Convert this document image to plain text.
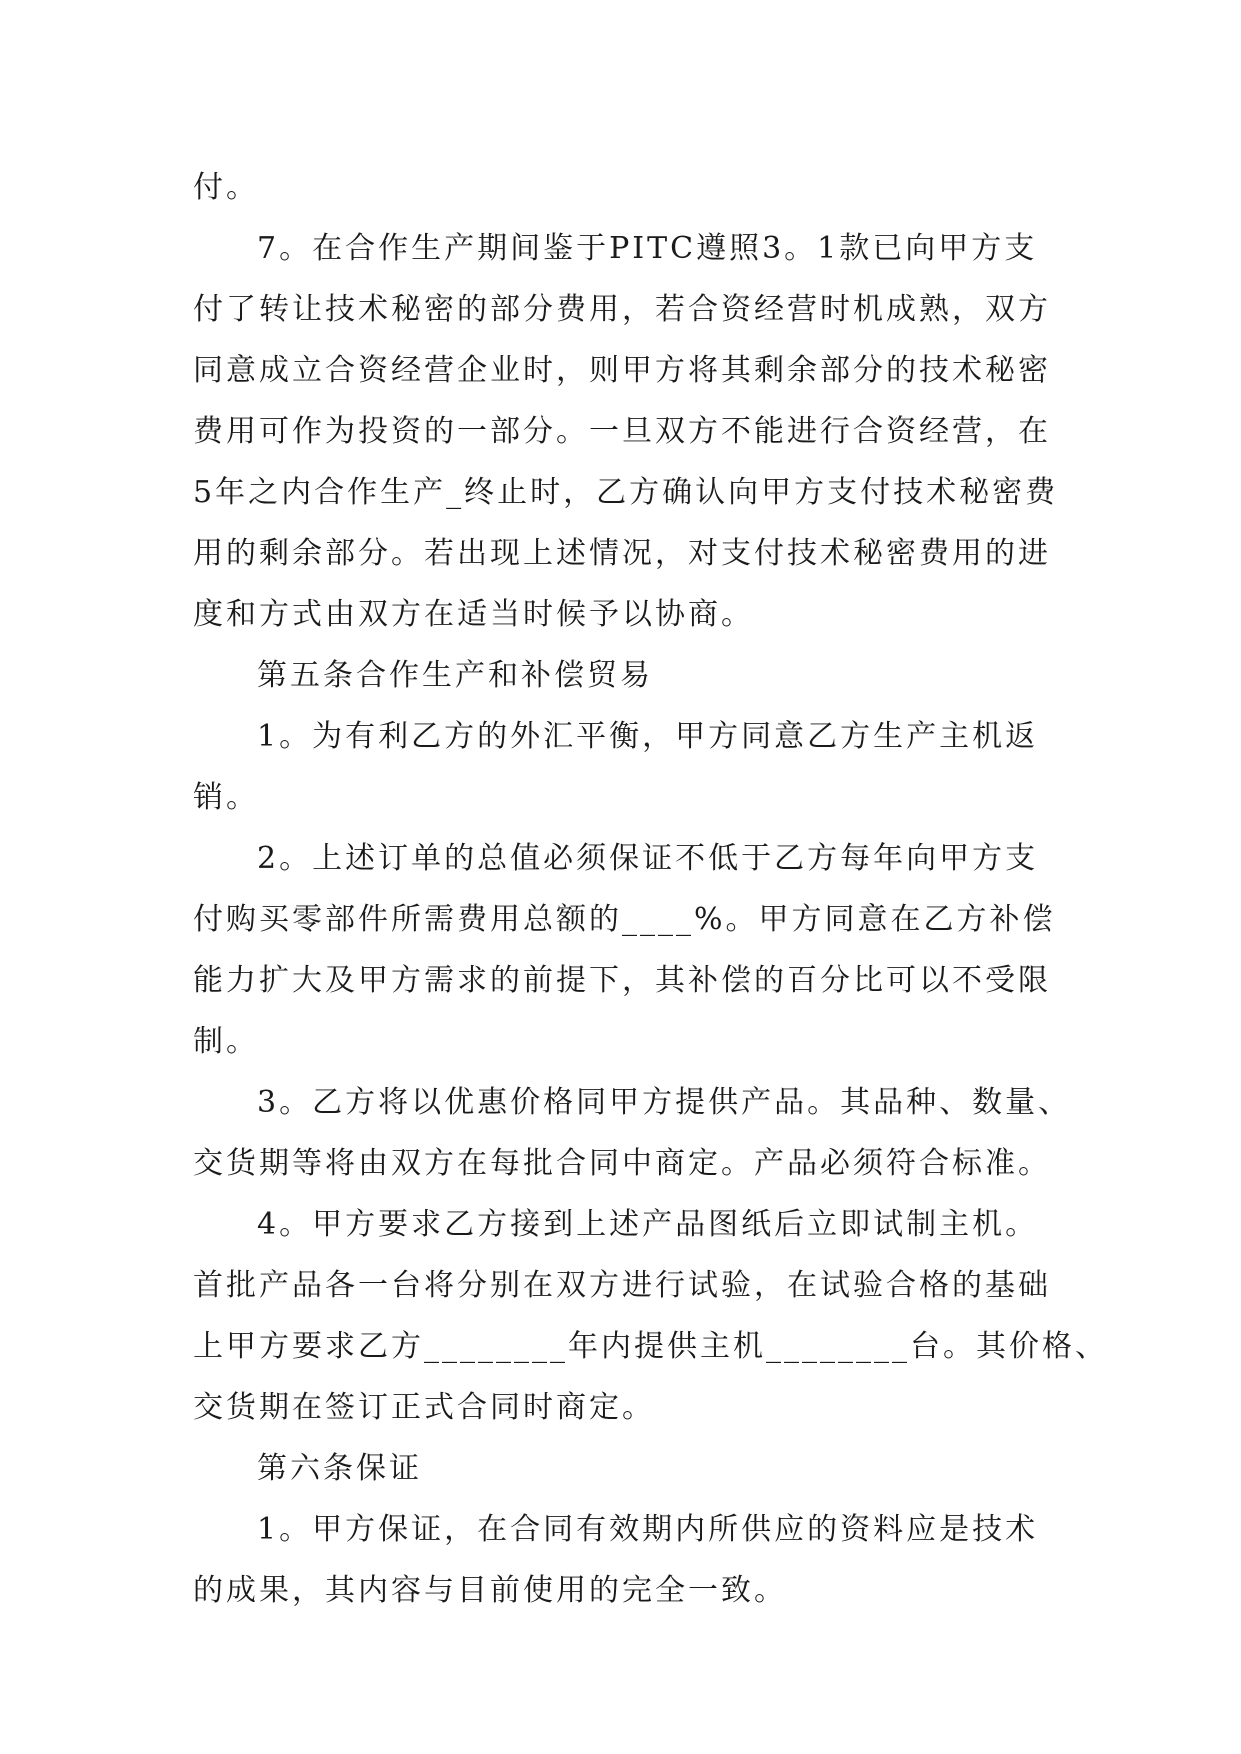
付。
7。在合作生产期间鉴于PITC遵照3。1款已向甲方支
付了转让技术秘密的部分费用，若合资经营时机成熟，双方
同意成立合资经营企业时，则甲方将其剩余部分的技术秘密
费用可作为投资的一部分。一旦双方不能进行合资经营，在
5年之内合作生产_终止时，乙方确认向甲方支付技术秘密费
用的剩余部分。若出现上述情况，对支付技术秘密费用的进
度和方式由双方在适当时候予以协商。
第五条合作生产和补偿贸易
1。为有利乙方的外汇平衡，甲方同意乙方生产主机返
销。
2。上述订单的总值必须保证不低于乙方每年向甲方支
付购买零部件所需费用总额的____%。甲方同意在乙方补偿
能力扩大及甲方需求的前提下，其补偿的百分比可以不受限
制。
3。乙方将以优惠价格同甲方提供产品。其品种、数量、
交货期等将由双方在每批合同中商定。产品必须符合标准。
4。甲方要求乙方接到上述产品图纸后立即试制主机。
首批产品各一台将分别在双方进行试验，在试验合格的基础
上甲方要求乙方________年内提供主机________台。其价格、
交货期在签订正式合同时商定。
第六条保证
1。甲方保证，在合同有效期内所供应的资料应是技术
的成果，其内容与目前使用的完全一致。
